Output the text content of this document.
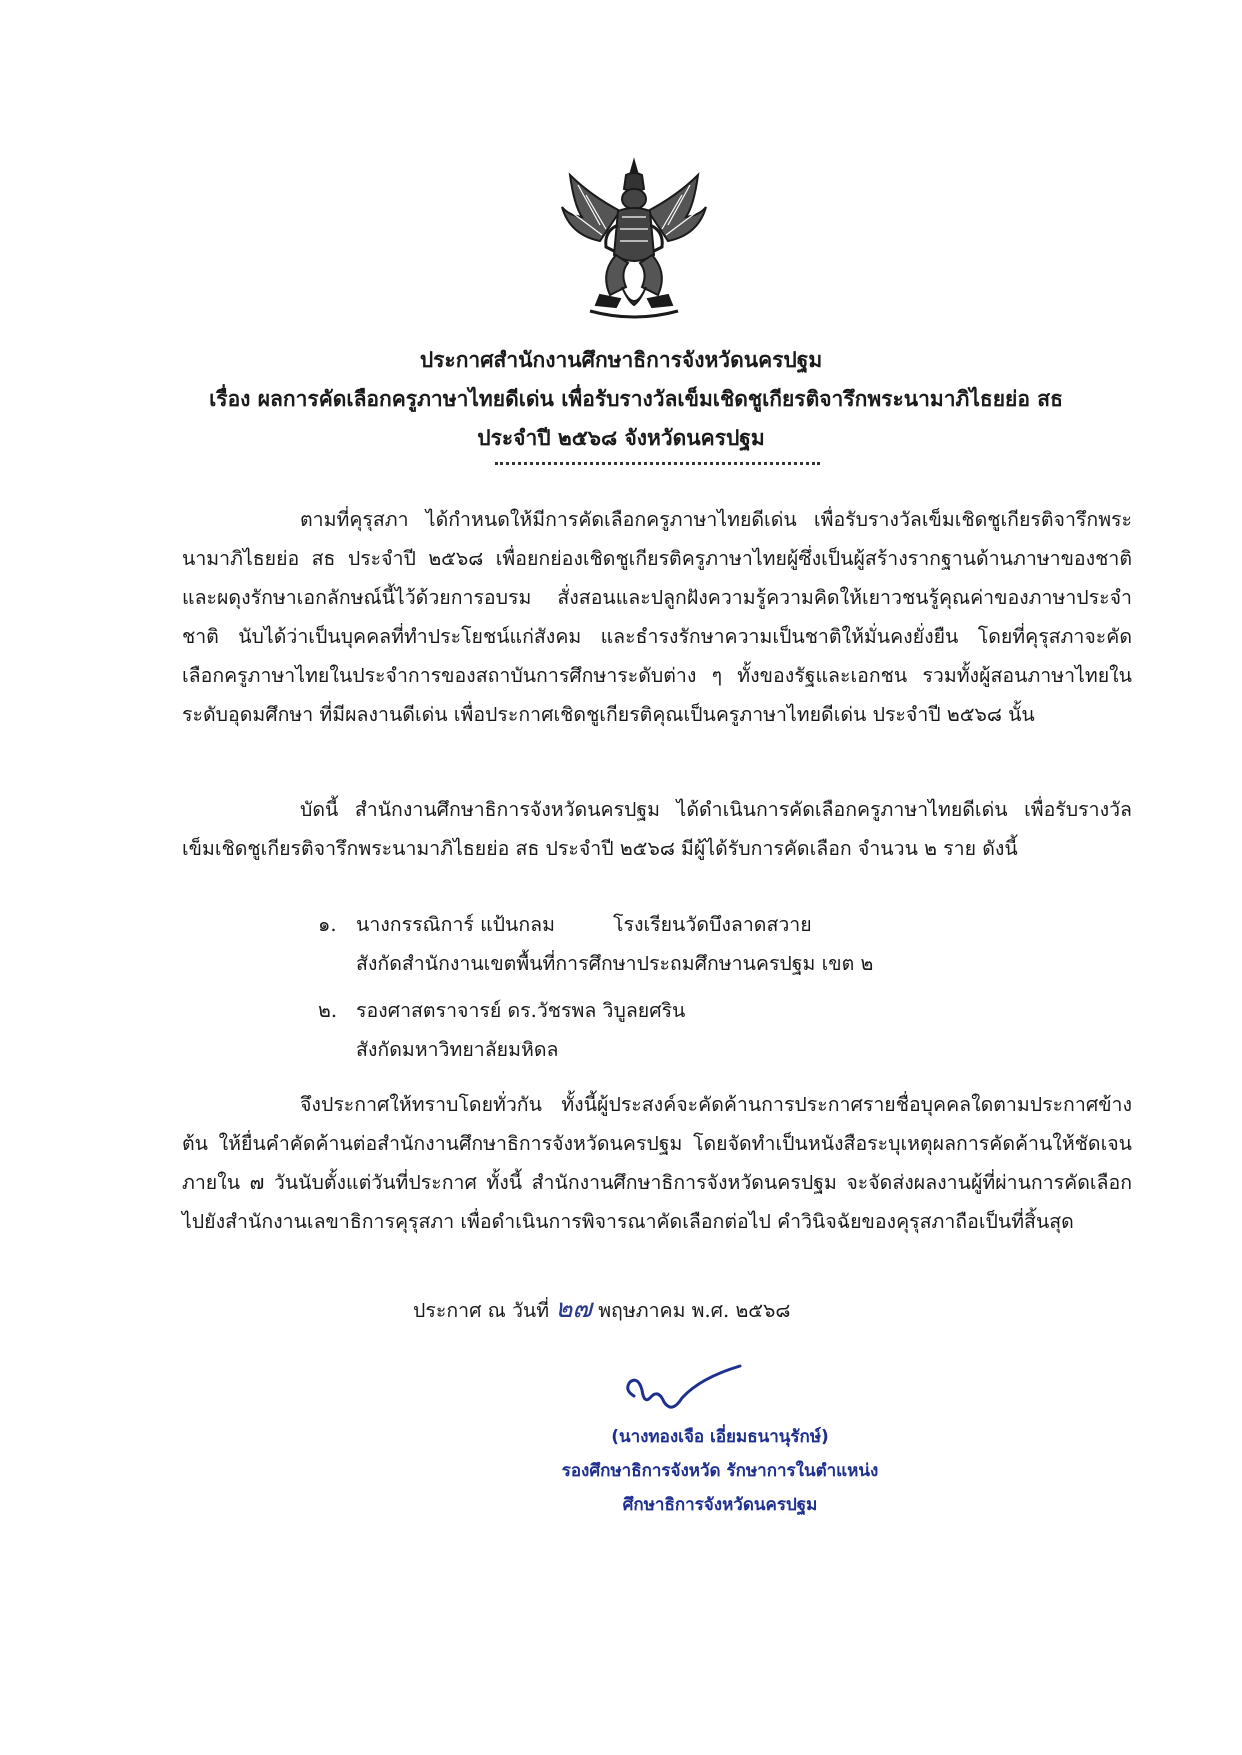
ประกาศสำนักงานศึกษาธิการจังหวัดนครปฐม
เรื่อง ผลการคัดเลือกครูภาษาไทยดีเด่น เพื่อรับรางวัลเข็มเชิดชูเกียรติจารึกพระนามาภิไธยย่อ สธ
ประจำปี ๒๕๖๘ จังหวัดนครปฐม

ตามที่คุรุสภา ได้กำหนดให้มีการคัดเลือกครูภาษาไทยดีเด่น เพื่อรับรางวัลเข็มเชิดชูเกียรติจารึกพระนามาภิไธยย่อ สธ ประจำปี ๒๕๖๘ เพื่อยกย่องเชิดชูเกียรติครูภาษาไทยผู้ซึ่งเป็นผู้สร้างรากฐานด้านภาษาของชาติ และผดุงรักษาเอกลักษณ์นี้ไว้ด้วยการอบรม สั่งสอนและปลูกฝังความรู้ความคิดให้เยาวชนรู้คุณค่าของภาษาประจำชาติ นับได้ว่าเป็นบุคคลที่ทำประโยชน์แก่สังคม และธำรงรักษาความเป็นชาติให้มั่นคงยั่งยืน โดยที่คุรุสภาจะคัดเลือกครูภาษาไทยในประจำการของสถาบันการศึกษาระดับต่าง ๆ ทั้งของรัฐและเอกชน รวมทั้งผู้สอนภาษาไทยในระดับอุดมศึกษา ที่มีผลงานดีเด่น เพื่อประกาศเชิดชูเกียรติคุณเป็นครูภาษาไทยดีเด่น ประจำปี ๒๕๖๘ นั้น

บัดนี้ สำนักงานศึกษาธิการจังหวัดนครปฐม ได้ดำเนินการคัดเลือกครูภาษาไทยดีเด่น เพื่อรับรางวัลเข็มเชิดชูเกียรติจารึกพระนามาภิไธยย่อ สธ ประจำปี ๒๕๖๘ มีผู้ได้รับการคัดเลือก จำนวน ๒ ราย ดังนี้

๑. นางกรรณิการ์ แป้นกลม	โรงเรียนวัดบึงลาดสวาย
สังกัดสำนักงานเขตพื้นที่การศึกษาประถมศึกษานครปฐม เขต ๒
๒. รองศาสตราจารย์ ดร.วัชรพล วิบูลยศริน
สังกัดมหาวิทยาลัยมหิดล

จึงประกาศให้ทราบโดยทั่วกัน ทั้งนี้ผู้ประสงค์จะคัดค้านการประกาศรายชื่อบุคคลใดตามประกาศข้างต้น ให้ยื่นคำคัดค้านต่อสำนักงานศึกษาธิการจังหวัดนครปฐม โดยจัดทำเป็นหนังสือระบุเหตุผลการคัดค้านให้ชัดเจน ภายใน ๗ วันนับตั้งแต่วันที่ประกาศ ทั้งนี้ สำนักงานศึกษาธิการจังหวัดนครปฐม จะจัดส่งผลงานผู้ที่ผ่านการคัดเลือกไปยังสำนักงานเลขาธิการคุรุสภา เพื่อดำเนินการพิจารณาคัดเลือกต่อไป คำวินิจฉัยของคุรุสภาถือเป็นที่สิ้นสุด

ประกาศ ณ วันที่ ๒๗ พฤษภาคม พ.ศ. ๒๕๖๘
(นางทองเจือ เอี่ยมธนานุรักษ์)
รองศึกษาธิการจังหวัด รักษาการในตำแหน่ง
ศึกษาธิการจังหวัดนครปฐม
